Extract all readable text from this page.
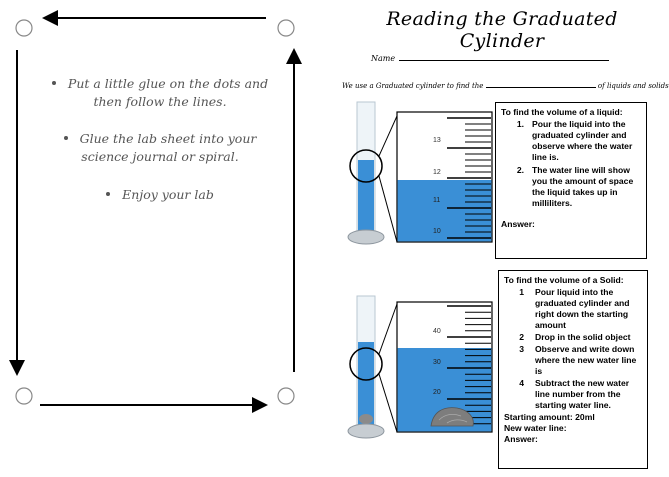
Put a little glue on the dots and then follow the lines.
Glue the lab sheet into your science journal or spiral.
Enjoy your lab
Reading the Graduated Cylinder
Name
We use a Graduated cylinder to find the	of liquids and solids
13
12
11
10
To find the volume of a liquid:
1. Pour the liquid into the graduated cylinder and observe where the water line is.
2. The water line will show you the amount of space the liquid takes up in milliliters.
Answer:
40
30
20
To find the volume of a Solid:
1	Pour liquid into the graduated cylinder and right down the starting amount
2	Drop in the solid object
3	Observe and write down where the new water line is
4	Subtract the new water line number from the starting water line.
Starting amount: 20ml
New water line:
Answer:
